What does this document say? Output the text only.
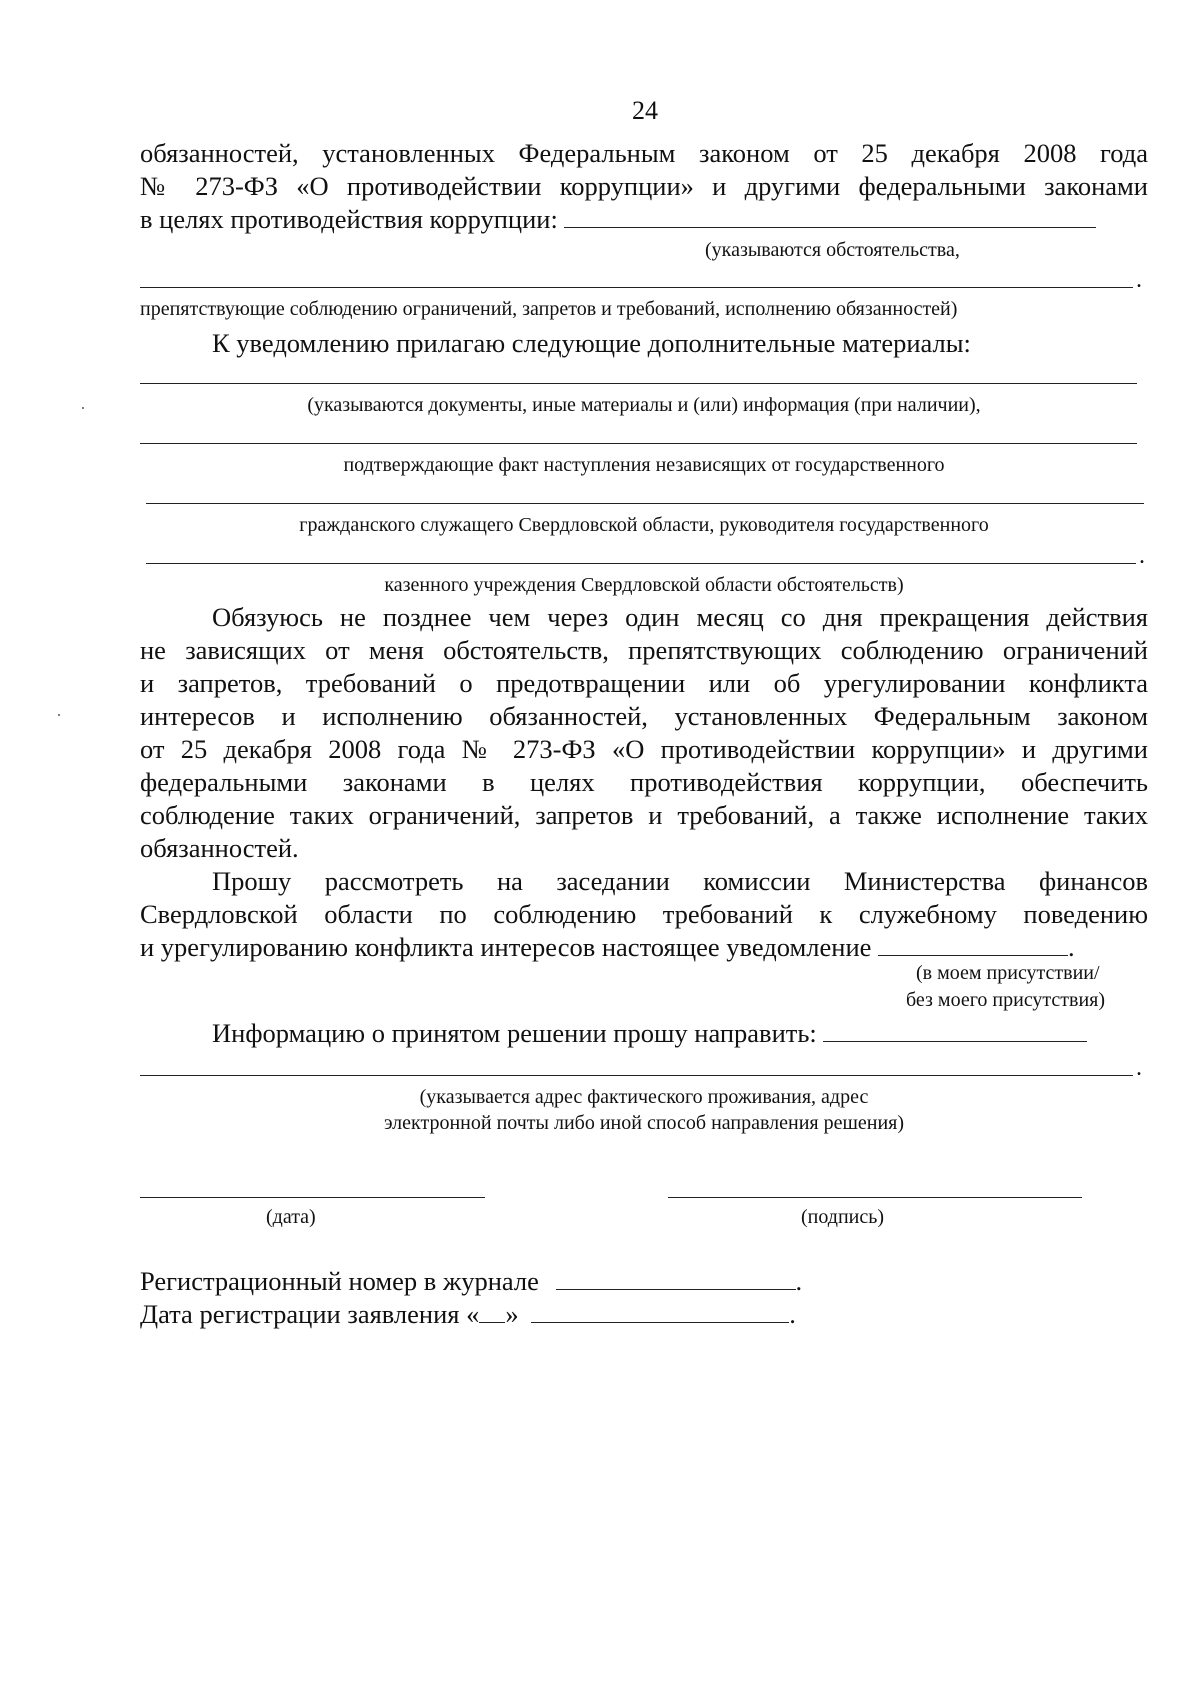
24
обязанностей, установленных Федеральным законом от 25 декабря 2008 года
№ 273-ФЗ «О противодействии коррупции» и другими федеральными законами
в целях противодействия коррупции:
(указываются обстоятельства,
.
препятствующие соблюдению ограничений, запретов и требований, исполнению обязанностей)
К уведомлению прилагаю следующие дополнительные материалы:
(указываются документы, иные материалы и (или) информация (при наличии),
подтверждающие факт наступления независящих от государственного
гражданского служащего Свердловской области, руководителя государственного
.
казенного учреждения Свердловской области обстоятельств)
Обязуюсь не позднее чем через один месяц со дня прекращения действия
не зависящих от меня обстоятельств, препятствующих соблюдению ограничений
и запретов, требований о предотвращении или об урегулировании конфликта
интересов и исполнению обязанностей, установленных Федеральным законом
от 25 декабря 2008 года № 273-ФЗ «О противодействии коррупции» и другими
федеральными законами в целях противодействия коррупции, обеспечить
соблюдение таких ограничений, запретов и требований, а также исполнение таких
обязанностей.
Прошу рассмотреть на заседании комиссии Министерства финансов
Свердловской области по соблюдению требований к служебному поведению
и урегулированию конфликта интересов настоящее уведомление	.
(в моем присутствии/
без моего присутствия)
Информацию о принятом решении прошу направить:
.
(указывается адрес фактического проживания, адрес
электронной почты либо иной способ направления решения)
(дата)	(подпись)
Регистрационный номер в журнале	.
Дата регистрации заявления « »	.
